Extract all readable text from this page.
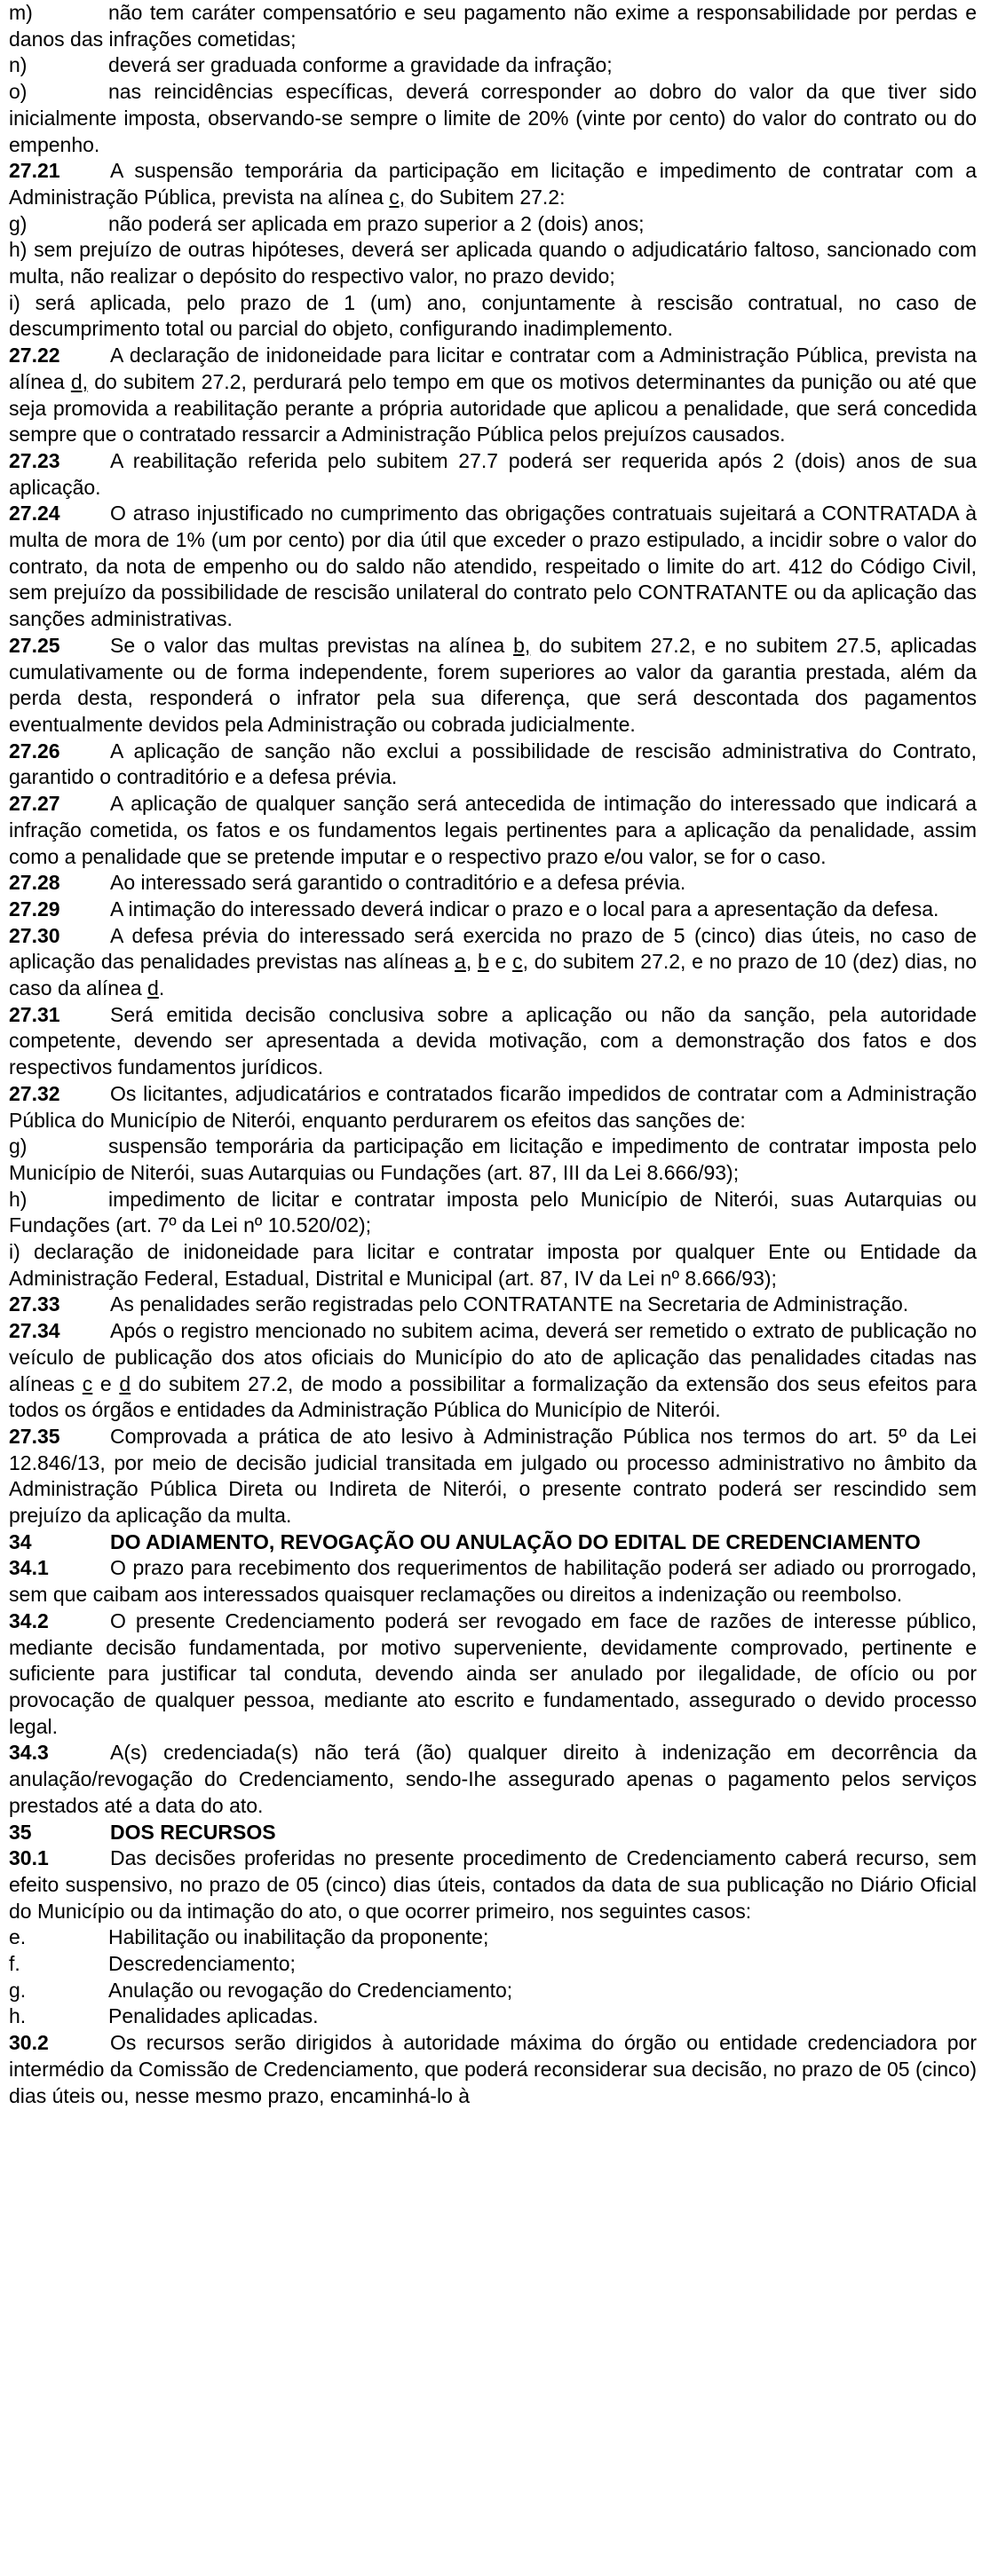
m)	não tem caráter compensatório e seu pagamento não exime a responsabilidade por perdas e danos das infrações cometidas;

n)	deverá ser graduada conforme a gravidade da infração;

o)	nas reincidências específicas, deverá corresponder ao dobro do valor da que tiver sido inicialmente imposta, observando-se sempre o limite de 20% (vinte por cento) do valor do contrato ou do empenho.

27.21 A suspensão temporária da participação em licitação e impedimento de contratar com a Administração Pública, prevista na alínea c, do Subitem 27.2:

g)	não poderá ser aplicada em prazo superior a 2 (dois) anos;

h) sem prejuízo de outras hipóteses, deverá ser aplicada quando o adjudicatário faltoso, sancionado com multa, não realizar o depósito do respectivo valor, no prazo devido;

i) será aplicada, pelo prazo de 1 (um) ano, conjuntamente à rescisão contratual, no caso de descumprimento total ou parcial do objeto, configurando inadimplemento.

27.22 A declaração de inidoneidade para licitar e contratar com a Administração Pública, prevista na alínea d, do subitem 27.2, perdurará pelo tempo em que os motivos determinantes da punição ou até que seja promovida a reabilitação perante a própria autoridade que aplicou a penalidade, que será concedida sempre que o contratado ressarcir a Administração Pública pelos prejuízos causados.

27.23 A reabilitação referida pelo subitem 27.7 poderá ser requerida após 2 (dois) anos de sua aplicação.

27.24 O atraso injustificado no cumprimento das obrigações contratuais sujeitará a CONTRATADA à multa de mora de 1% (um por cento) por dia útil que exceder o prazo estipulado, a incidir sobre o valor do contrato, da nota de empenho ou do saldo não atendido, respeitado o limite do art. 412 do Código Civil, sem prejuízo da possibilidade de rescisão unilateral do contrato pelo CONTRATANTE ou da aplicação das sanções administrativas.

27.25 Se o valor das multas previstas na alínea b, do subitem 27.2, e no subitem 27.5, aplicadas cumulativamente ou de forma independente, forem superiores ao valor da garantia prestada, além da perda desta, responderá o infrator pela sua diferença, que será descontada dos pagamentos eventualmente devidos pela Administração ou cobrada judicialmente.

27.26 A aplicação de sanção não exclui a possibilidade de rescisão administrativa do Contrato, garantido o contraditório e a defesa prévia.

27.27 A aplicação de qualquer sanção será antecedida de intimação do interessado que indicará a infração cometida, os fatos e os fundamentos legais pertinentes para a aplicação da penalidade, assim como a penalidade que se pretende imputar e o respectivo prazo e/ou valor, se for o caso.

27.28 Ao interessado será garantido o contraditório e a defesa prévia.

27.29 A intimação do interessado deverá indicar o prazo e o local para a apresentação da defesa.

27.30 A defesa prévia do interessado será exercida no prazo de 5 (cinco) dias úteis, no caso de aplicação das penalidades previstas nas alíneas a, b e c, do subitem 27.2, e no prazo de 10 (dez) dias, no caso da alínea d.

27.31 Será emitida decisão conclusiva sobre a aplicação ou não da sanção, pela autoridade competente, devendo ser apresentada a devida motivação, com a demonstração dos fatos e dos respectivos fundamentos jurídicos.

27.32 Os licitantes, adjudicatários e contratados ficarão impedidos de contratar com a Administração Pública do Município de Niterói, enquanto perdurarem os efeitos das sanções de:

g)	suspensão temporária da participação em licitação e impedimento de contratar imposta pelo Município de Niterói, suas Autarquias ou Fundações (art. 87, III da Lei 8.666/93);

h)	impedimento de licitar e contratar imposta pelo Município de Niterói, suas Autarquias ou Fundações (art. 7º da Lei nº 10.520/02);

i) declaração de inidoneidade para licitar e contratar imposta por qualquer Ente ou Entidade da Administração Federal, Estadual, Distrital e Municipal (art. 87, IV da Lei nº 8.666/93);

27.33 As penalidades serão registradas pelo CONTRATANTE na Secretaria de Administração.

27.34 Após o registro mencionado no subitem acima, deverá ser remetido o extrato de publicação no veículo de publicação dos atos oficiais do Município do ato de aplicação das penalidades citadas nas alíneas c e d do subitem 27.2, de modo a possibilitar a formalização da extensão dos seus efeitos para todos os órgãos e entidades da Administração Pública do Município de Niterói.

27.35 Comprovada a prática de ato lesivo à Administração Pública nos termos do art. 5º da Lei 12.846/13, por meio de decisão judicial transitada em julgado ou processo administrativo no âmbito da Administração Pública Direta ou Indireta de Niterói, o presente contrato poderá ser rescindido sem prejuízo da aplicação da multa.

34	DO ADIAMENTO, REVOGAÇÃO OU ANULAÇÃO DO EDITAL DE CREDENCIAMENTO

34.1	O prazo para recebimento dos requerimentos de habilitação poderá ser adiado ou prorrogado, sem que caibam aos interessados quaisquer reclamações ou direitos a indenização ou reembolso.

34.2	O presente Credenciamento poderá ser revogado em face de razões de interesse público, mediante decisão fundamentada, por motivo superveniente, devidamente comprovado, pertinente e suficiente para justificar tal conduta, devendo ainda ser anulado por ilegalidade, de ofício ou por provocação de qualquer pessoa, mediante ato escrito e fundamentado, assegurado o devido processo legal.

34.3	A(s) credenciada(s) não terá (ão) qualquer direito à indenização em decorrência da anulação/revogação do Credenciamento, sendo-Ihe assegurado apenas o pagamento pelos serviços prestados até a data do ato.

35	DOS RECURSOS

30.1	Das decisões proferidas no presente procedimento de Credenciamento caberá recurso, sem efeito suspensivo, no prazo de 05 (cinco) dias úteis, contados da data de sua publicação no Diário Oficial do Município ou da intimação do ato, o que ocorrer primeiro, nos seguintes casos:

e.	Habilitação ou inabilitação da proponente;

f.	Descredenciamento;

g.	Anulação ou revogação do Credenciamento;

h.	Penalidades aplicadas.

30.2	Os recursos serão dirigidos à autoridade máxima do órgão ou entidade credenciadora por intermédio da Comissão de Credenciamento, que poderá reconsiderar sua decisão, no prazo de 05 (cinco) dias úteis ou, nesse mesmo prazo, encaminhá-lo à
